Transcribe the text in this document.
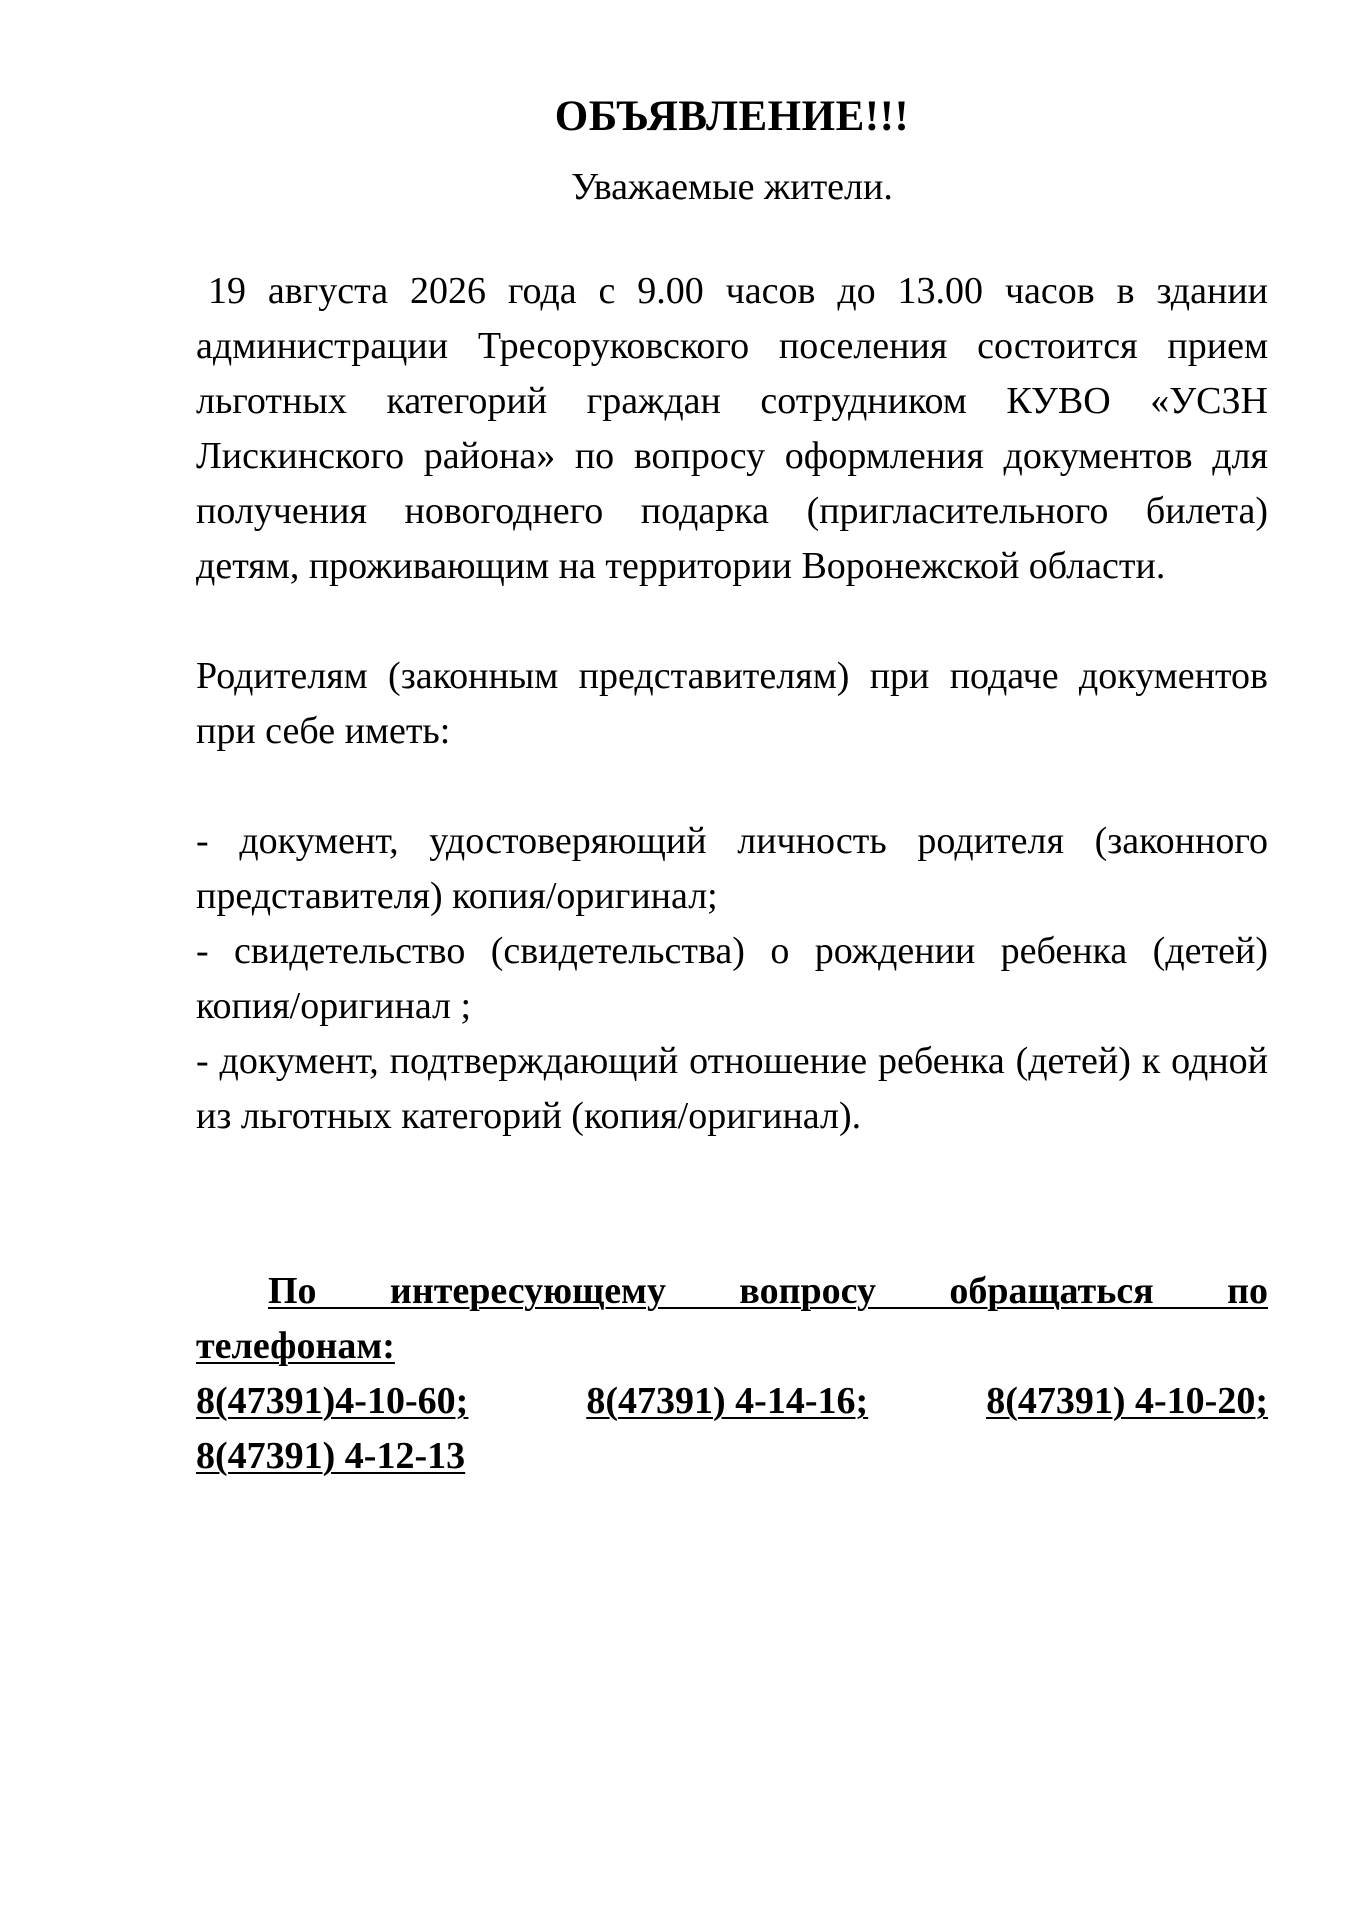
ОБЪЯВЛЕНИЕ!!!

Уважаемые жители.

19 августа 2026 года с 9.00 часов до 13.00 часов в здании администрации Тресоруковского поселения состоится прием льготных категорий граждан сотрудником КУВО «УСЗН Лискинского района» по вопросу оформления документов для получения новогоднего подарка (пригласительного билета) детям, проживающим на территории Воронежской области.

Родителям (законным представителям) при подаче документов при себе иметь:

- документ, удостоверяющий личность родителя (законного представителя) копия/оригинал;
- свидетельство (свидетельства) о рождении ребенка (детей) копия/оригинал ;
- документ, подтверждающий отношение ребенка (детей) к одной из льготных категорий (копия/оригинал).
По интересующему вопросу обращаться по
телефонам:
8(47391)4-10-60;	8(47391) 4-14-16;	8(47391) 4-10-20;
8(47391) 4-12-13
